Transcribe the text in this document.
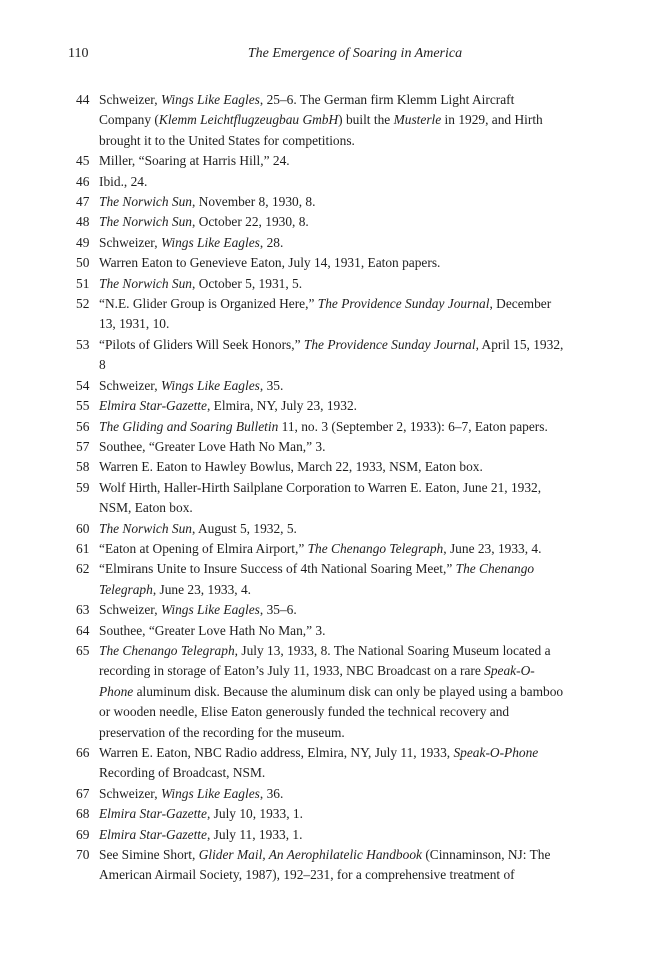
110	The Emergence of Soaring in America
44 Schweizer, Wings Like Eagles, 25–6. The German firm Klemm Light Aircraft Company (Klemm Leichtflugzeugbau GmbH) built the Musterle in 1929, and Hirth brought it to the United States for competitions.
45 Miller, “Soaring at Harris Hill,” 24.
46 Ibid., 24.
47 The Norwich Sun, November 8, 1930, 8.
48 The Norwich Sun, October 22, 1930, 8.
49 Schweizer, Wings Like Eagles, 28.
50 Warren Eaton to Genevieve Eaton, July 14, 1931, Eaton papers.
51 The Norwich Sun, October 5, 1931, 5.
52 “N.E. Glider Group is Organized Here,” The Providence Sunday Journal, December 13, 1931, 10.
53 “Pilots of Gliders Will Seek Honors,” The Providence Sunday Journal, April 15, 1932, 8
54 Schweizer, Wings Like Eagles, 35.
55 Elmira Star-Gazette, Elmira, NY, July 23, 1932.
56 The Gliding and Soaring Bulletin 11, no. 3 (September 2, 1933): 6–7, Eaton papers.
57 Southee, “Greater Love Hath No Man,” 3.
58 Warren E. Eaton to Hawley Bowlus, March 22, 1933, NSM, Eaton box.
59 Wolf Hirth, Haller-Hirth Sailplane Corporation to Warren E. Eaton, June 21, 1932, NSM, Eaton box.
60 The Norwich Sun, August 5, 1932, 5.
61 “Eaton at Opening of Elmira Airport,” The Chenango Telegraph, June 23, 1933, 4.
62 “Elmirans Unite to Insure Success of 4th National Soaring Meet,” The Chenango Telegraph, June 23, 1933, 4.
63 Schweizer, Wings Like Eagles, 35–6.
64 Southee, “Greater Love Hath No Man,” 3.
65 The Chenango Telegraph, July 13, 1933, 8. The National Soaring Museum located a recording in storage of Eaton’s July 11, 1933, NBC Broadcast on a rare Speak-O-Phone aluminum disk. Because the aluminum disk can only be played using a bamboo or wooden needle, Elise Eaton generously funded the technical recovery and preservation of the recording for the museum.
66 Warren E. Eaton, NBC Radio address, Elmira, NY, July 11, 1933, Speak-O-Phone Recording of Broadcast, NSM.
67 Schweizer, Wings Like Eagles, 36.
68 Elmira Star-Gazette, July 10, 1933, 1.
69 Elmira Star-Gazette, July 11, 1933, 1.
70 See Simine Short, Glider Mail, An Aerophilatelic Handbook (Cinnaminson, NJ: The American Airmail Society, 1987), 192–231, for a comprehensive treatment of
